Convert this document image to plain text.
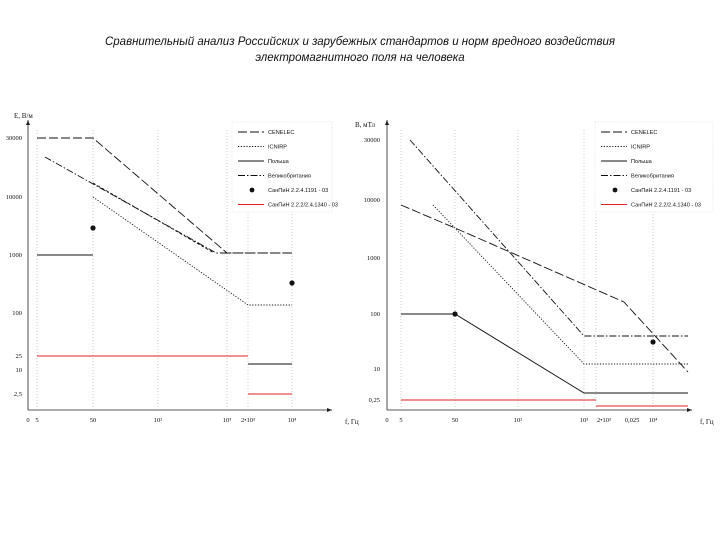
Сравнительный анализ Российских и зарубежных стандартов и норм вредного воздействия
электромагнитного поля на человека
30000
10000
1000
100
25
10
2,5
0 5	50	10²	10³ 2•10³	10⁴
E, В/м
f, Гц
CENELEC
ICNIRP
Польша
Великобритания
СанПиН 2.2.4.1191 - 03
СанПиН 2.2.2/2.4.1340 - 03
30000
10000
1000
100
10
0,25
0 5	50	10²	10³ 2•10³ 0,025 10⁴
B, мТл
f, Гц
CENELEC
ICNIRP
Польша
Великобритания
СанПиН 2.2.4.1191 - 03
СанПиН 2.2.2/2.4.1340 - 03
